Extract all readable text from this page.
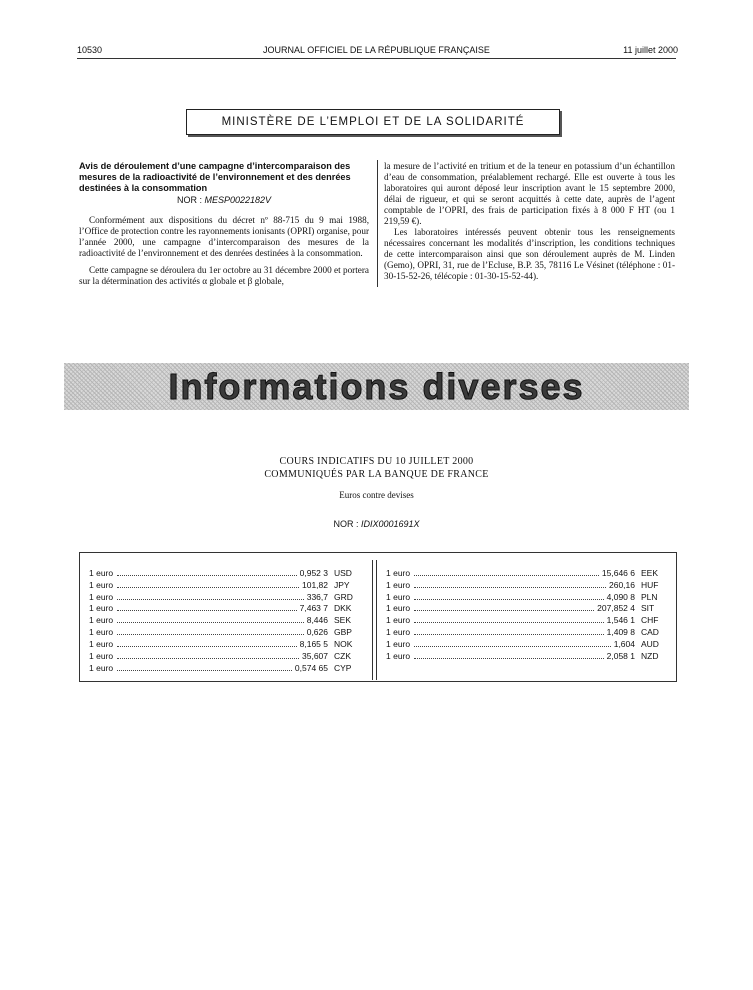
10530	JOURNAL OFFICIEL DE LA RÉPUBLIQUE FRANÇAISE	11 juillet 2000
MINISTÈRE DE L’EMPLOI ET DE LA SOLIDARITÉ
Avis de déroulement d’une campagne d’intercomparaison des mesures de la radioactivité de l’environnement et des denrées destinées à la consommation
NOR : MESP0022182V
Conformément aux dispositions du décret nº 88-715 du 9 mai 1988, l’Office de protection contre les rayonnements ionisants (OPRI) organise, pour l’année 2000, une campagne d’intercomparaison des mesures de la radioactivité de l’environnement et des denrées destinées à la consommation.
Cette campagne se déroulera du 1er octobre au 31 décembre 2000 et portera sur la détermination des activités α globale et β globale,
la mesure de l’activité en tritium et de la teneur en potassium d’un échantillon d’eau de consommation, préalablement rechargé. Elle est ouverte à tous les laboratoires qui auront déposé leur inscription avant le 15 septembre 2000, délai de rigueur, et qui se seront acquittés à cette date, auprès de l’agent comptable de l’OPRI, des frais de participation fixés à 8 000 F HT (ou 1 219,59 €).
Les laboratoires intéressés peuvent obtenir tous les renseignements nécessaires concernant les modalités d’inscription, les conditions techniques de cette intercomparaison ainsi que son déroulement auprès de M. Linden (Gemo), OPRI, 31, rue de l’Ecluse, B.P. 35, 78116 Le Vésinet (téléphone : 01-30-15-52-26, télécopie : 01-30-15-52-44).
Informations diverses
COURS INDICATIFS DU 10 JUILLET 2000
COMMUNIQUÉS PAR LA BANQUE DE FRANCE
Euros contre devises
NOR : IDIX0001691X
1 euro	0,952 3 USD
1 euro	101,82 JPY
1 euro	336,7 GRD
1 euro	7,463 7 DKK
1 euro	8,446 SEK
1 euro	0,626 GBP
1 euro	8,165 5 NOK
1 euro	35,607 CZK
1 euro	0,574 65 CYP
1 euro	15,646 6 EEK
1 euro	260,16 HUF
1 euro	4,090 8 PLN
1 euro	207,852 4 SIT
1 euro	1,546 1 CHF
1 euro	1,409 8 CAD
1 euro	1,604 AUD
1 euro	2,058 1 NZD
